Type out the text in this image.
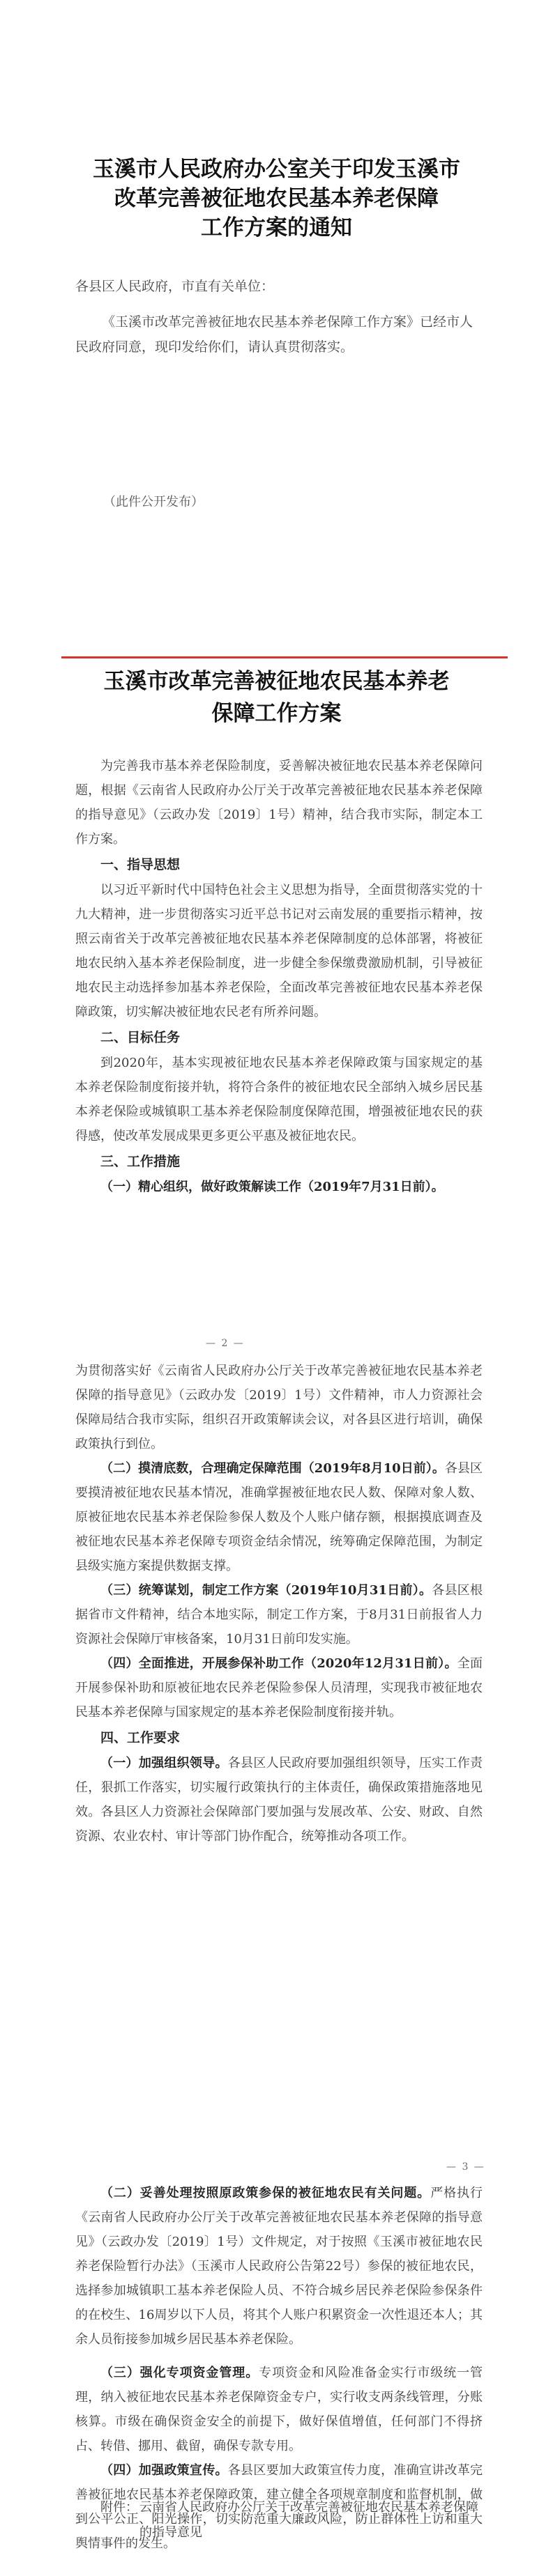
玉溪市人民政府办公室关于印发玉溪市
改革完善被征地农民基本养老保障
工作方案的通知
各县区人民政府，市直有关单位：
《玉溪市改革完善被征地农民基本养老保障工作方案》已经市人民政府同意，现印发给你们，请认真贯彻落实。
（此件公开发布）
玉溪市改革完善被征地农民基本养老
保障工作方案

为完善我市基本养老保险制度，妥善解决被征地农民基本养老保障问题，根据《云南省人民政府办公厅关于改革完善被征地农民基本养老保障的指导意见》（云政办发〔2019〕1号）精神，结合我市实际，制定本工作方案。

一、指导思想

以习近平新时代中国特色社会主义思想为指导，全面贯彻落实党的十九大精神，进一步贯彻落实习近平总书记对云南发展的重要指示精神，按照云南省关于改革完善被征地农民基本养老保障制度的总体部署，将被征地农民纳入基本养老保险制度，进一步健全参保缴费激励机制，引导被征地农民主动选择参加基本养老保险，全面改革完善被征地农民基本养老保障政策，切实解决被征地农民老有所养问题。

二、目标任务

到2020年，基本实现被征地农民基本养老保障政策与国家规定的基本养老保险制度衔接并轨，将符合条件的被征地农民全部纳入城乡居民基本养老保险或城镇职工基本养老保险制度保障范围，增强被征地农民的获得感，使改革发展成果更多更公平惠及被征地农民。

三、工作措施

（一）精心组织，做好政策解读工作（2019年7月31日前）。

— 2 —

为贯彻落实好《云南省人民政府办公厅关于改革完善被征地农民基本养老保障的指导意见》（云政办发〔2019〕1号）文件精神，市人力资源社会保障局结合我市实际，组织召开政策解读会议，对各县区进行培训，确保政策执行到位。

（二）摸清底数，合理确定保障范围（2019年8月10日前）。各县区要摸清被征地农民基本情况，准确掌握被征地农民人数、保障对象人数、原被征地农民基本养老保险参保人数及个人账户储存额，根据摸底调查及被征地农民基本养老保障专项资金结余情况，统筹确定保障范围，为制定县级实施方案提供数据支撑。

（三）统筹谋划，制定工作方案（2019年10月31日前）。各县区根据省市文件精神，结合本地实际，制定工作方案，于8月31日前报省人力资源社会保障厅审核备案，10月31日前印发实施。

（四）全面推进，开展参保补助工作（2020年12月31日前）。全面开展参保补助和原被征地农民养老保险参保人员清理，实现我市被征地农民基本养老保障与国家规定的基本养老保险制度衔接并轨。

四、工作要求

（一）加强组织领导。各县区人民政府要加强组织领导，压实工作责任，狠抓工作落实，切实履行政策执行的主体责任，确保政策措施落地见效。各县区人力资源社会保障部门要加强与发展改革、公安、财政、自然资源、农业农村、审计等部门协作配合，统筹推动各项工作。

— 3 —

（二）妥善处理按照原政策参保的被征地农民有关问题。严格执行《云南省人民政府办公厅关于改革完善被征地农民基本养老保障的指导意见》（云政办发〔2019〕1号）文件规定，对于按照《玉溪市被征地农民养老保险暂行办法》（玉溪市人民政府公告第22号）参保的被征地农民，选择参加城镇职工基本养老保险人员、不符合城乡居民养老保险参保条件的在校生、16周岁以下人员，将其个人账户积累资金一次性退还本人；其余人员衔接参加城乡居民基本养老保险。

（三）强化专项资金管理。专项资金和风险准备金实行市级统一管理，纳入被征地农民基本养老保障资金专户，实行收支两条线管理，分账核算。市级在确保资金安全的前提下，做好保值增值，任何部门不得挤占、转借、挪用、截留，确保专款专用。

（四）加强政策宣传。各县区要加大政策宣传力度，准确宣讲改革完善被征地农民基本养老保障政策，建立健全各项规章制度和监督机制，做到公平公正、阳光操作，切实防范重大廉政风险，防止群体性上访和重大舆情事件的发生。

附件： 云南省人民政府办公厅关于改革完善被征地农民基本养老保障的指导意见
